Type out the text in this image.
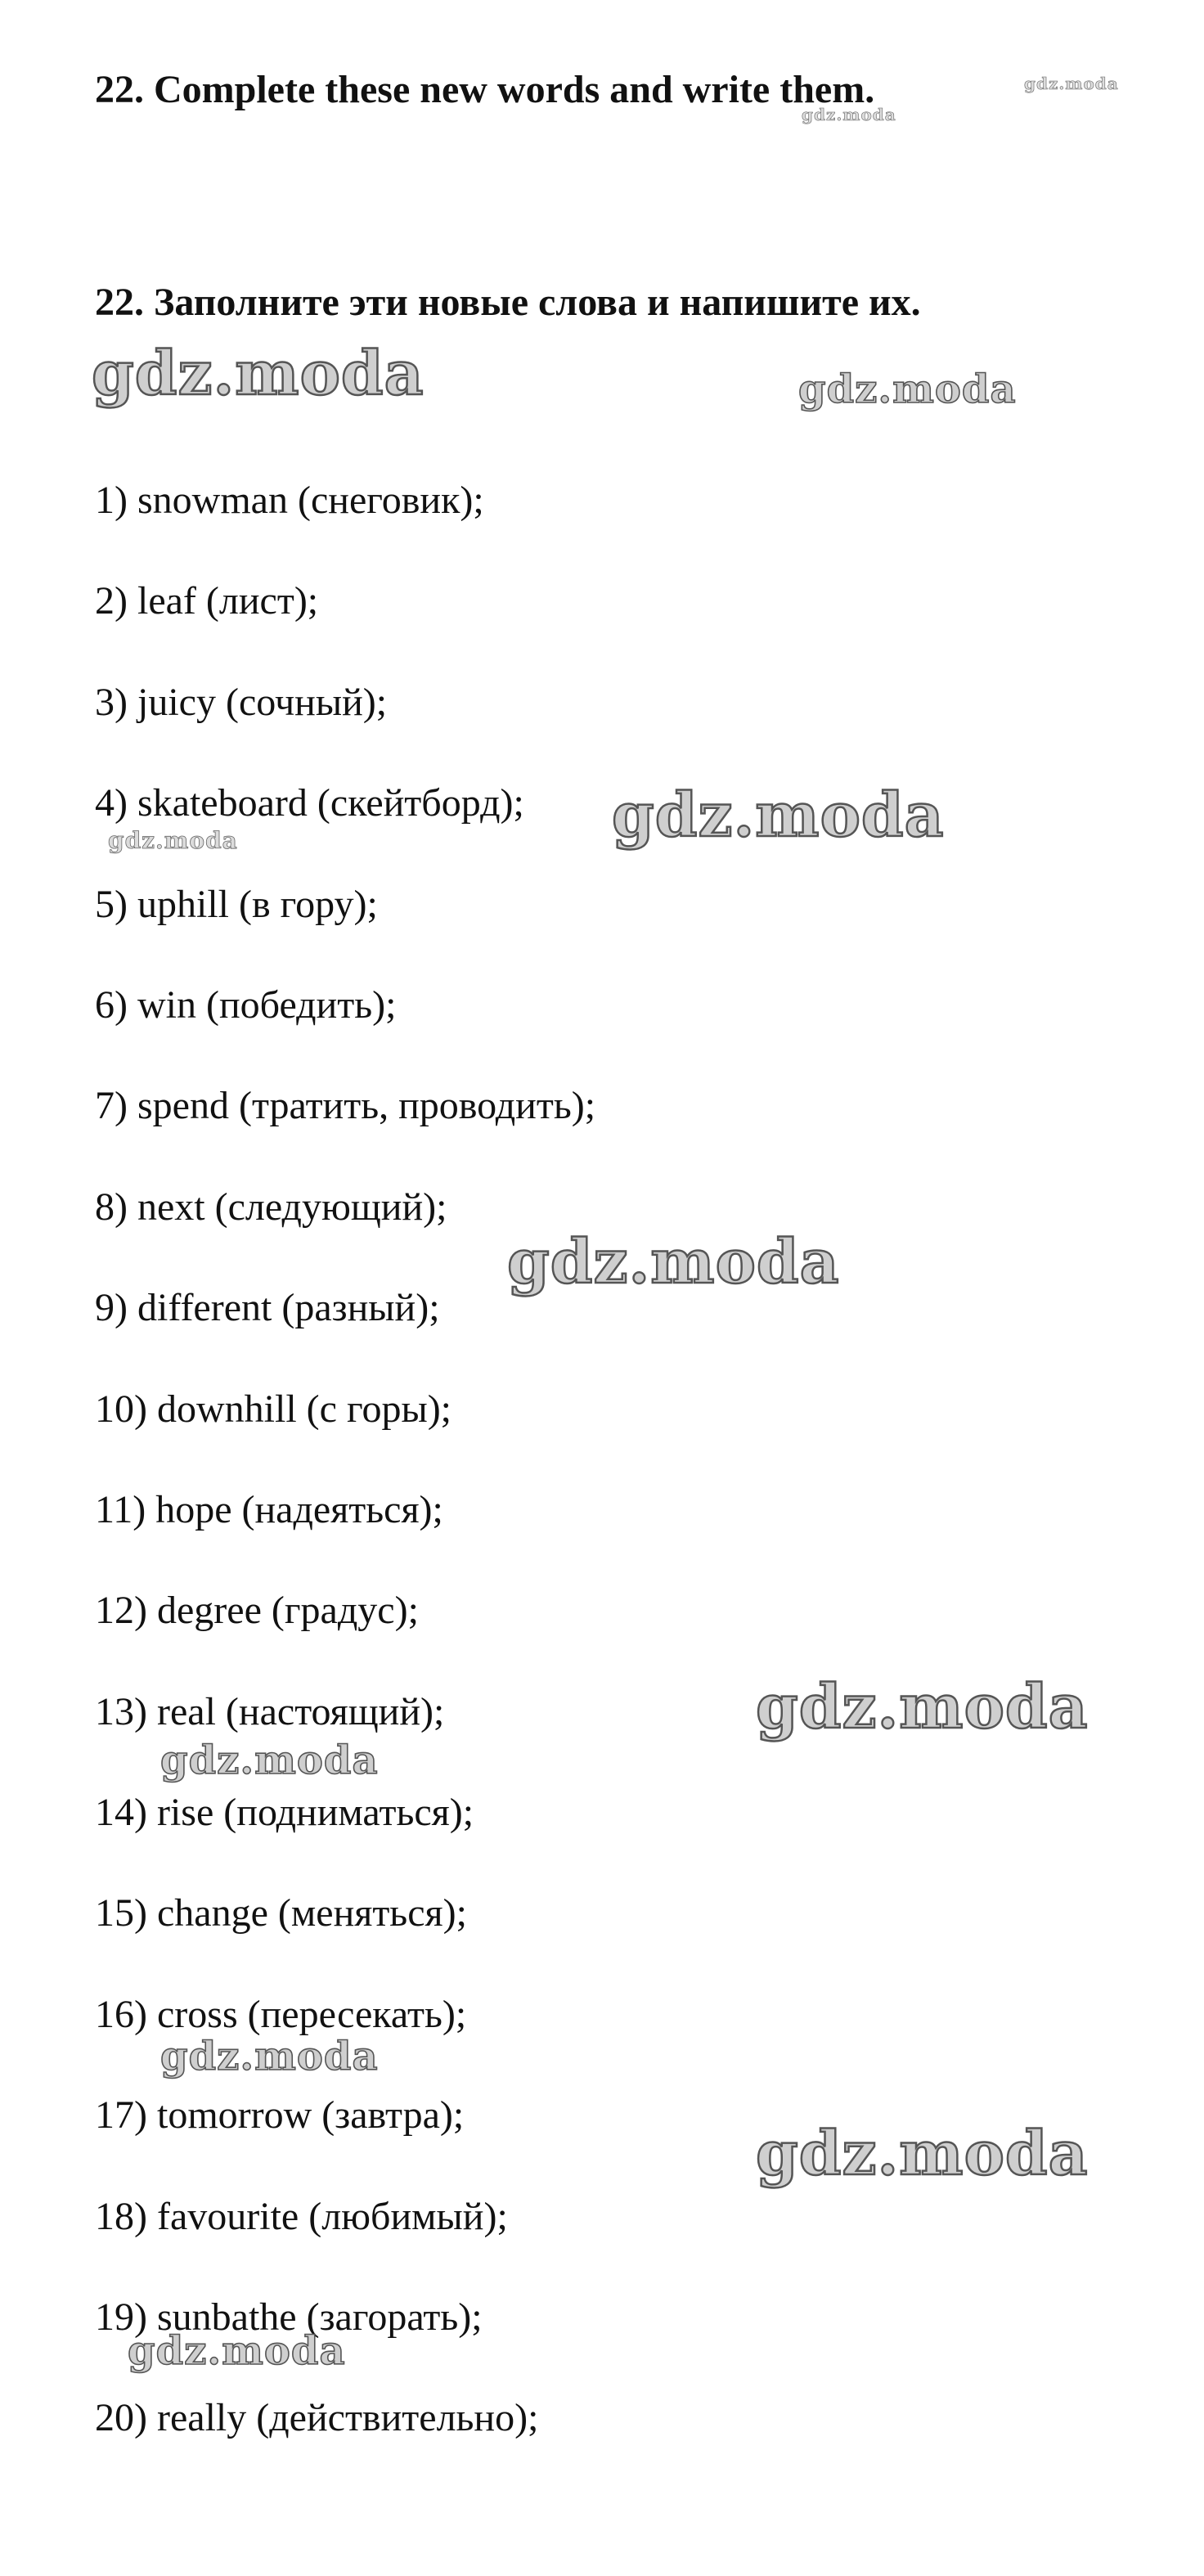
22. Complete these new words and write them.
22. Заполните эти новые слова и напишите их.
1) snowman (снеговик);
2) leaf (лист);
3) juicy (сочный);
4) skateboard (скейтборд);
5) uphill (в гору);
6) win (победить);
7) spend (тратить, проводить);
8) next (следующий);
9) different (разный);
10) downhill (с горы);
11) hope (надеяться);
12) degree (градус);
13) real (настоящий);
14) rise (подниматься);
15) change (меняться);
16) cross (пересекать);
17) tomorrow (завтра);
18) favourite (любимый);
19) sunbathe (загорать);
20) really (действительно);
gdz.moda
gdz.moda
gdz.moda	gdz.moda
gdz.moda
gdz.moda
gdz.moda
gdz.moda
gdz.moda
gdz.moda
gdz.moda
gdz.moda
